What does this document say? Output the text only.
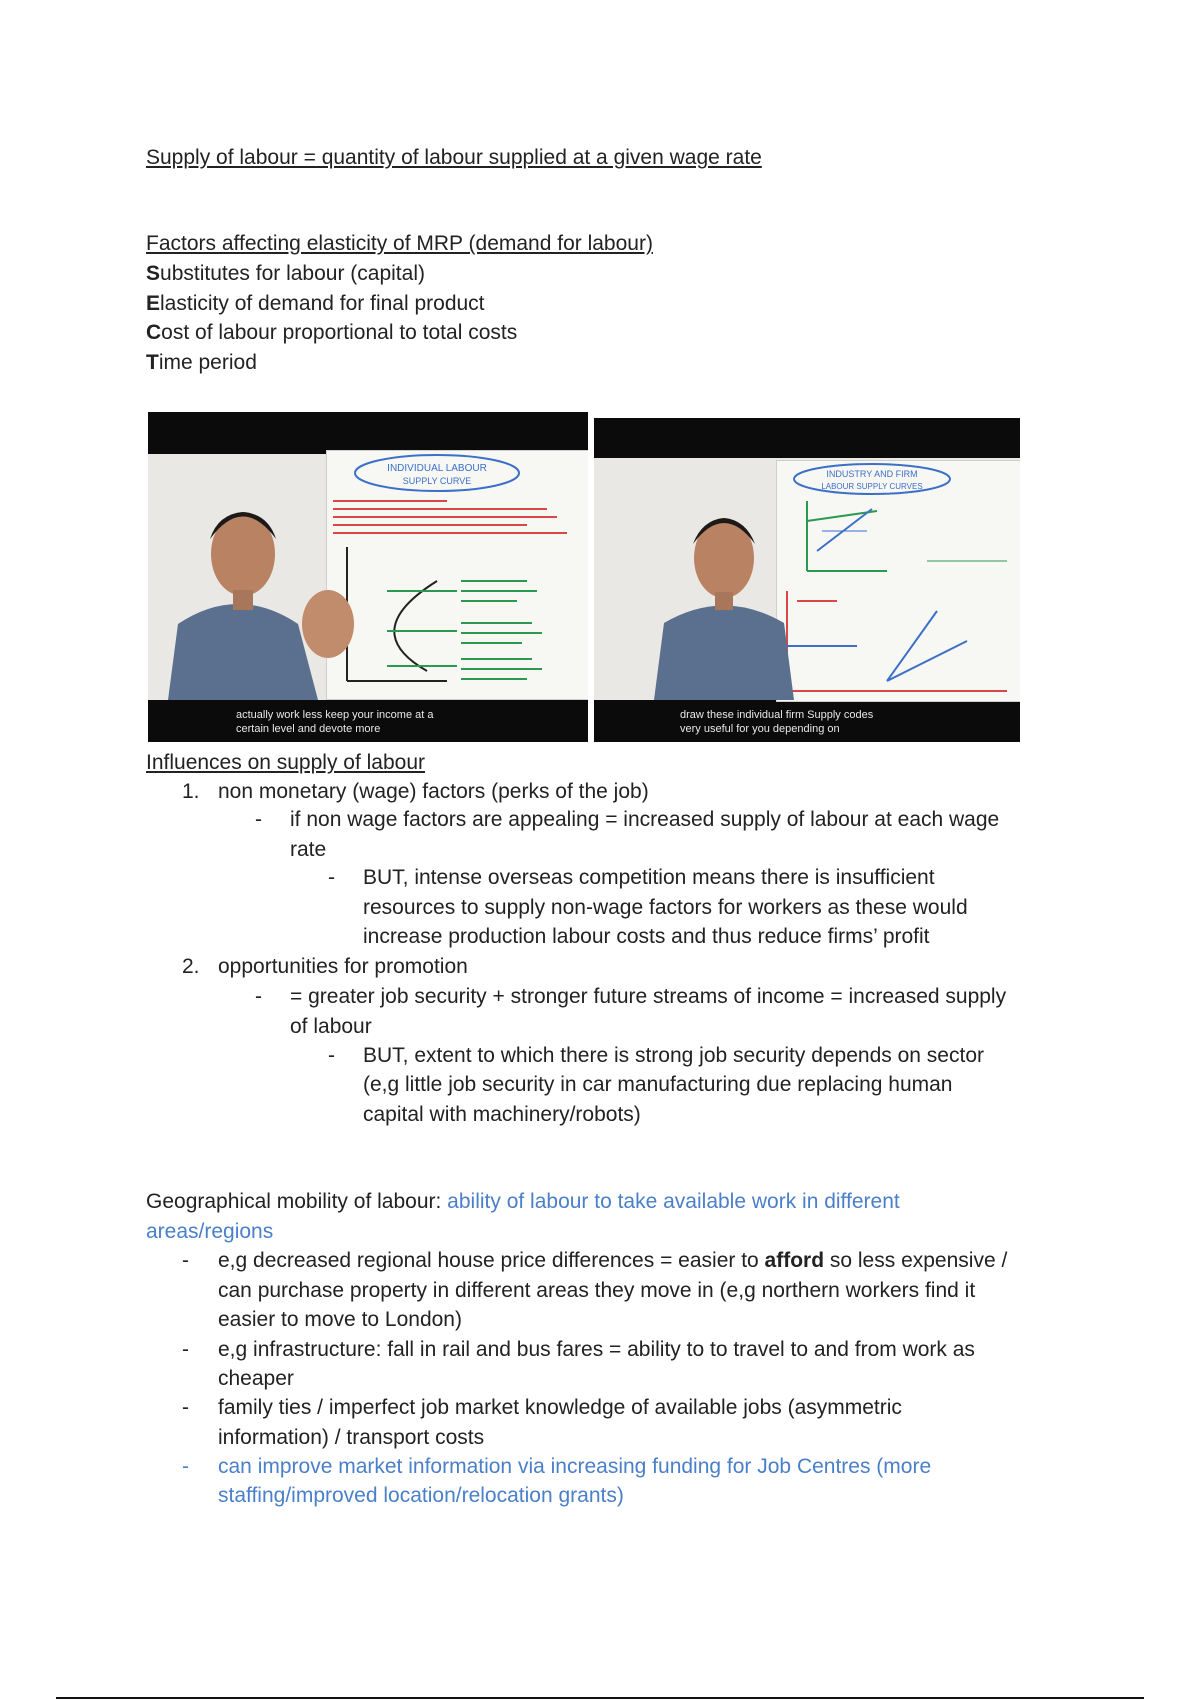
Supply of labour = quantity of labour supplied at a given wage rate
Factors affecting elasticity of MRP (demand for labour)
Substitutes for labour (capital)
Elasticity of demand for final product
Cost of labour proportional to total costs
Time period
INDIVIDUAL LABOUR
SUPPLY CURVE
actually work less keep your income at a
certain level and devote more
INDUSTRY AND FIRM
LABOUR SUPPLY CURVES
draw these individual firm Supply codes
very useful for you depending on
Influences on supply of labour
1. non monetary (wage) factors (perks of the job)
- if non wage factors are appealing = increased supply of labour at each wage
rate
- BUT, intense overseas competition means there is insufficient
resources to supply non-wage factors for workers as these would
increase production labour costs and thus reduce firms’ profit
2. opportunities for promotion
- = greater job security + stronger future streams of income = increased supply
of labour
- BUT, extent to which there is strong job security depends on sector
(e,g little job security in car manufacturing due replacing human
capital with machinery/robots)
Geographical mobility of labour: ability of labour to take available work in different
areas/regions
- e,g decreased regional house price differences = easier to afford so less expensive /
can purchase property in different areas they move in (e,g northern workers find it
easier to move to London)
- e,g infrastructure: fall in rail and bus fares = ability to to travel to and from work as
cheaper
- family ties / imperfect job market knowledge of available jobs (asymmetric
information) / transport costs
- can improve market information via increasing funding for Job Centres (more
staffing/improved location/relocation grants)
